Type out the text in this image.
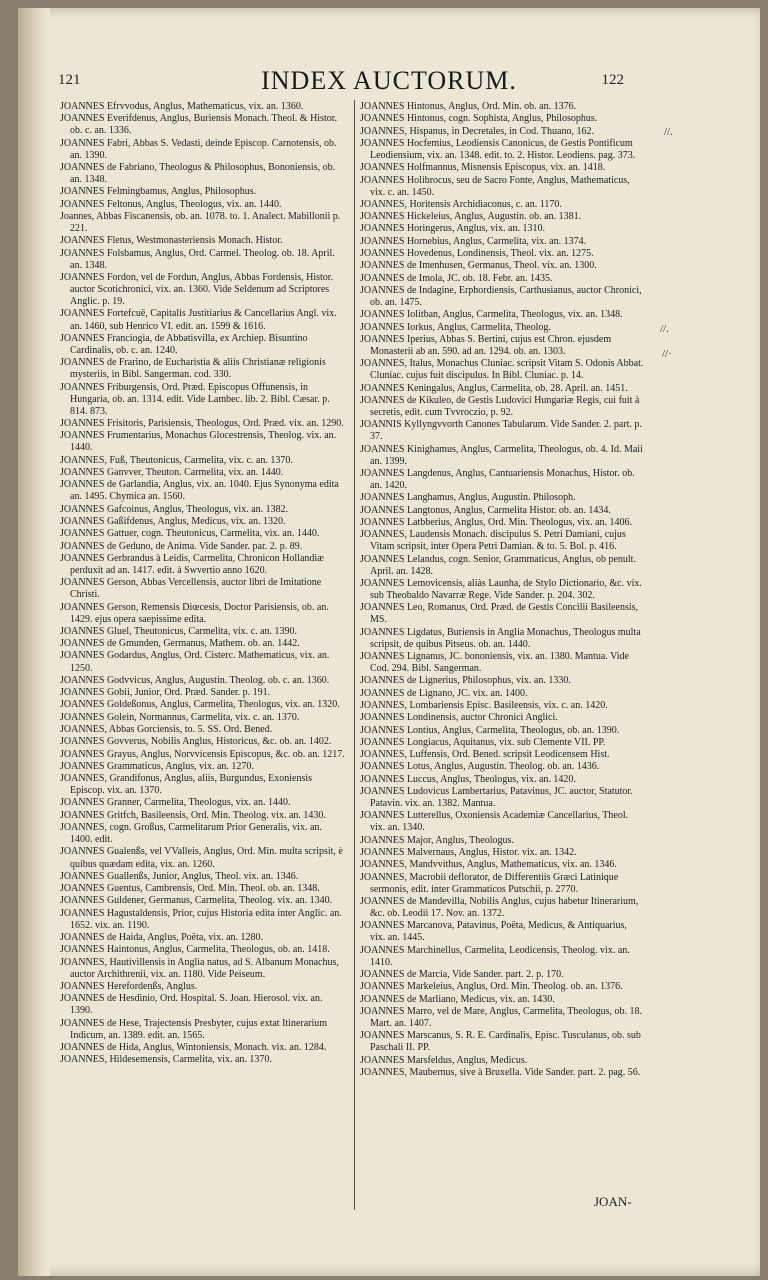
121	INDEX AUCTORUM.	122
JOANNES Efrvvodus, Anglus, Mathematicus, vix. an. 1360.
JOANNES Everifdenus, Anglus, Buriensis Monach. Theol. & Histor. ob. c. an. 1336.
JOANNES Fabri, Abbas S. Vedasti, deinde Episcop. Carnotensis, ob. an. 1390.
JOANNES de Fabriano, Theologus & Philosophus, Bononiensis, ob. an. 1348.
JOANNES Felmingbamus, Anglus, Philosophus.
JOANNES Feltonus, Anglus, Theologus, vix. an. 1440.
Joannes, Abbas Fiscanensis, ob. an. 1078. to. 1. Analect. Mabillonii p. 221.
JOANNES Fletus, Westmonasteriensis Monach. Histor.
JOANNES Folsbamus, Anglus, Ord. Carmel. Theolog. ob. 18. April. an. 1348.
JOANNES Fordon, vel de Fordun, Anglus, Abbas Fordensis, Histor. auctor Scotichronici, vix. an. 1360. Vide Seldenum ad Scriptores Anglic. p. 19.
JOANNES Fortefcuë, Capitalis Justitiarius & Cancellarius Angl. vix. an. 1460, sub Henrico VI. edit. an. 1599 & 1616.
JOANNES Franciogia, de Abbatisvilla, ex Archiep. Bisuntino Cardinalis, ob. c. an. 1240.
JOANNES de Frarino, de Eucharistia & aliis Christianæ religionis mysteriis, in Bibl. Sangerman. cod. 330.
JOANNES Friburgensis, Ord. Præd. Episcopus Offunensis, in Hungaria, ob. an. 1314. edit. Vide Lambec. lib. 2. Bibl. Cæsar. p. 814. 873.
JOANNES Frisitoris, Parisiensis, Theologus, Ord. Præd. vix. an. 1290.
JOANNES Frumentarius, Monachus Glocestrensis, Theolog. vix. an. 1440.
JOANNES, Fuß, Theutonicus, Carmelita, vix. c. an. 1370.
JOANNES Ganvver, Theuton. Carmelita, vix. an. 1440.
JOANNES de Garlandia, Anglus, vix. an. 1040. Ejus Synonyma edita an. 1495. Chymica an. 1560.
JOANNES Gafcoinus, Anglus, Theologus, vix. an. 1382.
JOANNES Gaßifdenus, Anglus, Medicus, vix. an. 1320.
JOANNES Gattuer, cogn. Theutonicus, Carmelita, vix. an. 1440.
JOANNES de Geduno, de Anima. Vide Sander. par. 2. p. 89.
JOANNES Gerbrandus à Leidis, Carmelita, Chronicon Hollandiæ perduxit ad an. 1417. edit. à Swvertio anno 1620.
JOANNES Gerson, Abbas Vercellensis, auctor libri de Imitatione Christi.
JOANNES Gerson, Remensis Diœcesis, Doctor Parisiensis, ob. an. 1429. ejus opera saepissime edita.
JOANNES Gluel, Theutonicus, Carmelita, vix. c. an. 1390.
JOANNES de Gmunden, Germanus, Mathem. ob. an. 1442.
JOANNES Godardus, Anglus, Ord. Cisterc. Mathematicus, vix. an. 1250.
JOANNES Godvvicus, Anglus, Augustin. Theolog. ob. c. an. 1360.
JOANNES Gobii, Junior, Ord. Præd. Sander. p. 191.
JOANNES Goldeßonus, Anglus, Carmelita, Theologus, vix. an. 1320.
JOANNES Golein, Normannus, Carmelita, vix. c. an. 1370.
JOANNES, Abbas Gorciensis, to. 5. SS. Ord. Bened.
JOANNES Govverus, Nobilis Anglus, Historicus, &c. ob. an. 1402.
JOANNES Grayus, Anglus, Norvvicensis Episcopus, &c. ob. an. 1217.
JOANNES Grammaticus, Anglus, vix. an. 1270.
JOANNES, Grandifonus, Anglus, aliis, Burgundus, Exoniensis Episcop. vix. an. 1370.
JOANNES Granner, Carmelita, Theologus, vix. an. 1440.
JOANNES Gritfch, Basileensis, Ord. Min. Theolog. vix. an. 1430.
JOANNES, cogn. Großus, Carmelitarum Prior Generalis, vix. an. 1400. edit.
JOANNES Gualenßs, vel VValleis, Anglus, Ord. Min. multa scripsit, è quibus quædam edita, vix. an. 1260.
JOANNES Guallenßs, Junior, Anglus, Theol. vix. an. 1346.
JOANNES Guentus, Cambrensis, Ord. Min. Theol. ob. an. 1348.
JOANNES Guldener, Germanus, Carmelita, Theolog. vix. an. 1340.
JOANNES Hagustaldensis, Prior, cujus Historia edita inter Anglic. an. 1652. vix. an. 1190.
JOANNES de Haida, Anglus, Poëta, vix. an. 1280.
JOANNES Haintonus, Anglus, Carmelita, Theologus, ob. an. 1418.
JOANNES, Hautivillensis in Anglia natus, ad S. Albanum Monachus, auctor Archithrenii, vix. an. 1180. Vide Peiseum.
JOANNES Herefordenßs, Anglus.
JOANNES de Hesdinio, Ord. Hospital. S. Joan. Hierosol. vix. an. 1390.
JOANNES de Hese, Trajectensis Presbyter, cujus extat Itinerarium Indicum, an. 1389. edit. an. 1565.
JOANNES de Hida, Anglus, Wintoniensis, Monach. vix. an. 1284.
JOANNES, Hildesemensis, Carmelita, vix. an. 1370.
JOANNES Hintonus, Anglus, Ord. Min. ob. an. 1376.
JOANNES Hintonus, cogn. Sophista, Anglus, Philosophus.
JOANNES, Hispanus, in Decretales, in Cod. Thuano, 162.
JOANNES Hocfemius, Leodiensis Canonicus, de Gestis Pontificum Leodiensium, vix. an. 1348. edit. to. 2. Histor. Leodiens. pag. 373.
JOANNES Holfmannus, Misnensis Episcopus, vix. an. 1418.
JOANNES Holibrocus, seu de Sacro Fonte, Anglus, Mathematicus, vix. c. an. 1450.
JOANNES, Horitensis Archidiaconus, c. an. 1170.
JOANNES Hickeleius, Anglus, Augustin. ob. an. 1381.
JOANNES Horingerus, Anglus, vix. an. 1310.
JOANNES Hornebius, Anglus, Carmelita, vix. an. 1374.
JOANNES Hovedenus, Londinensis, Theol. vix. an. 1275.
JOANNES de Imenhusen, Germanus, Theol. vix. an. 1300.
JOANNES de Imola, JC. ob. 18. Febr. an. 1435.
JOANNES de Indagine, Erphordiensis, Carthusianus, auctor Chronici, ob. an. 1475.
JOANNES Iolitban, Anglus, Carmelita, Theologus, vix. an. 1348.
JOANNES Iorkus, Anglus, Carmelita, Theolog.
JOANNES Iperius, Abbas S. Bertini, cujus est Chron. ejusdem Monasterii ab an. 590. ad an. 1294. ob. an. 1303.
JOANNES, Italus, Monachus Cluniac. scripsit Vitam S. Odonis Abbat. Cluniac. cujus fuit discipulus. In Bibl. Cluniac. p. 14.
JOANNES Keningalus, Anglus, Carmelita, ob. 28. April. an. 1451.
JOANNES de Kikuleo, de Gestis Ludovici Hungariæ Regis, cui fuit à secretis, edit. cum Tvvroczio, p. 92.
JOANNIS Kyllyngvvorth Canones Tabularum. Vide Sander. 2. part. p. 37.
JOANNES Kinighamus, Anglus, Carmelita, Theologus, ob. 4. Id. Maii an. 1399.
JOANNES Langdenus, Anglus, Cantuariensis Monachus, Histor. ob. an. 1420.
JOANNES Langhamus, Anglus, Augustin. Philosoph.
JOANNES Langtonus, Anglus, Carmelita Histor. ob. an. 1434.
JOANNES Latbberius, Anglus, Ord. Min. Theologus, vix. an. 1406.
JOANNES, Laudensis Monach. discipulus S. Petri Damiani, cujus Vitam scripsit, inter Opera Petri Damian. & to. 5. Bol. p. 416.
JOANNES Lelandus, cogn. Senior, Grammaticus, Anglus, ob penult. April. an. 1428.
JOANNES Lemovicensis, aliàs Launha, de Stylo Dictionario, &c. vix. sub Theobaldo Navarræ Rege. Vide Sander. p. 204. 302.
JOANNES Leo, Romanus, Ord. Præd. de Gestis Concilii Basileensis, MS.
JOANNES Ligdatus, Buriensis in Anglia Monachus, Theologus multa scripsit, de quibus Pitseus. ob. an. 1440.
JOANNES Lignanus, JC. bononiensis, vix. an. 1380. Mantua. Vide Cod. 294. Bibl. Sangerman.
JOANNES de Lignerius, Philosophus, vix. an. 1330.
JOANNES de Lignano, JC. vix. an. 1400.
JOANNES, Lombariensis Episc. Basileensis, vix. c. an. 1420.
JOANNES Londinensis, auctor Chronici Anglici.
JOANNES Lontius, Anglus, Carmelita, Theologus, ob. an. 1390.
JOANNES Longiacus, Aquitanus, vix. sub Clemente VII. PP.
JOANNES, Luffensis, Ord. Bened. scripsit Leodicensem Hist.
JOANNES Lotus, Anglus, Augustin. Theolog. ob. an. 1436.
JOANNES Luccus, Anglus, Theologus, vix. an. 1420.
JOANNES Ludovicus Lambertarius, Patavinus, JC. auctor, Statutor. Patavin. vix. an. 1382. Mantua.
JOANNES Lutterellus, Oxoniensis Academiæ Cancellarius, Theol. vix. an. 1340.
JOANNES Major, Anglus, Theologus.
JOANNES Malvernaus, Anglus, Histor. vix. an. 1342.
JOANNES, Mandvvithus, Anglus, Mathematicus, vix. an. 1346.
JOANNES, Macrobii deflorator, de Differentiis Græci Latinique sermonis, edit. inter Grammaticos Putschii, p. 2770.
JOANNES de Mandevilla, Nobilis Anglus, cujus habetur Itinerarium, &c. ob. Leodii 17. Nov. an. 1372.
JOANNES Marcanova, Patavinus, Poëta, Medicus, & Antiquarius, vix. an. 1445.
JOANNES Marchinellus, Carmelita, Leodicensis, Theolog. vix. an. 1410.
JOANNES de Marcia, Vide Sander. part. 2. p. 170.
JOANNES Markeleius, Anglus, Ord. Min. Theolog. ob. an. 1376.
JOANNES de Marliano, Medicus, vix. an. 1430.
JOANNES Marro, vel de Mare, Anglus, Carmelita, Theologus, ob. 18. Mart. an. 1407.
JOANNES Marscanus, S. R. E. Cardinalis, Episc. Tusculanus, ob. sub Paschali II. PP.
JOANNES Marsfeldus, Anglus, Medicus.
JOANNES, Maubernus, sive à Bruxella. Vide Sander. part. 2. pag. 56.
//.
//.
//·
JOAN-
